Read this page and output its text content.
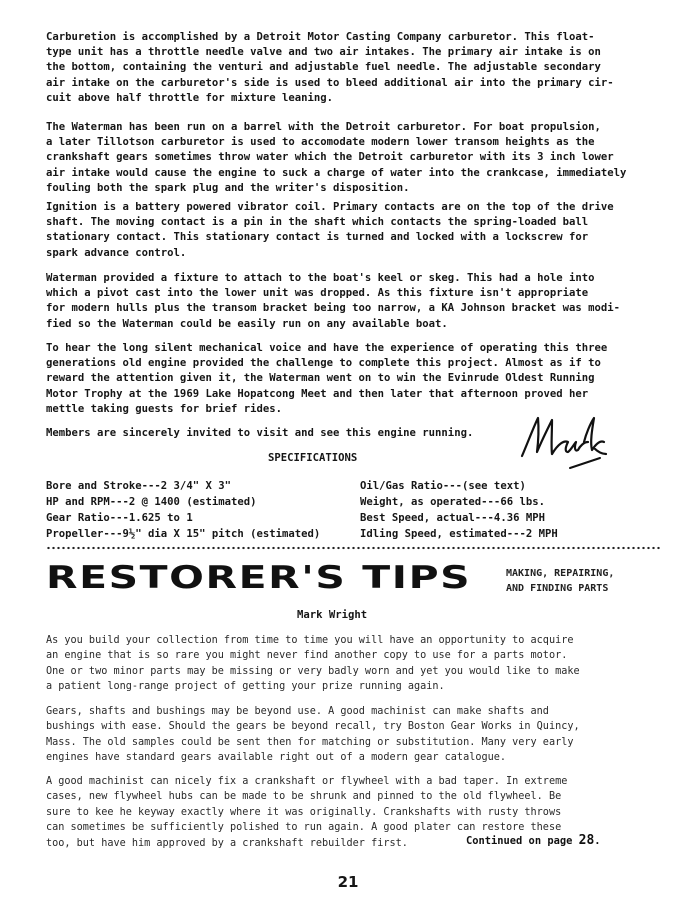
Carburetion is accomplished by a Detroit Motor Casting Company carburetor. This float-
type unit has a throttle needle valve and two air intakes. The primary air intake is on
the bottom, containing the venturi and adjustable fuel needle. The adjustable secondary
air intake on the carburetor's side is used to bleed additional air into the primary cir-
cuit above half throttle for mixture leaning.
The Waterman has been run on a barrel with the Detroit carburetor. For boat propulsion,
a later Tillotson carburetor is used to accomodate modern lower transom heights as the
crankshaft gears sometimes throw water which the Detroit carburetor with its 3 inch lower
air intake would cause the engine to suck a charge of water into the crankcase, immediately
fouling both the spark plug and the writer's disposition.
Ignition is a battery powered vibrator coil. Primary contacts are on the top of the drive
shaft. The moving contact is a pin in the shaft which contacts the spring-loaded ball
stationary contact. This stationary contact is turned and locked with a lockscrew for
spark advance control.
Waterman provided a fixture to attach to the boat's keel or skeg. This had a hole into
which a pivot cast into the lower unit was dropped. As this fixture isn't appropriate
for modern hulls plus the transom bracket being too narrow, a KA Johnson bracket was modi-
fied so the Waterman could be easily run on any available boat.
To hear the long silent mechanical voice and have the experience of operating this three
generations old engine provided the challenge to complete this project. Almost as if to
reward the attention given it, the Waterman went on to win the Evinrude Oldest Running
Motor Trophy at the 1969 Lake Hopatcong Meet and then later that afternoon proved her
mettle taking guests for brief rides.
Members are sincerely invited to visit and see this engine running.
SPECIFICATIONS
Bore and Stroke---2 3/4" X 3"
HP and RPM---2 @ 1400 (estimated)
Gear Ratio---1.625 to 1
Propeller---9½" dia X 15" pitch (estimated)
Oil/Gas Ratio---(see text)
Weight, as operated---66 lbs.
Best Speed, actual---4.36 MPH
Idling Speed, estimated---2 MPH
RESTORER'S TIPS	MAKING, REPAIRING,
AND FINDING PARTS
Mark Wright
As you build your collection from time to time you will have an opportunity to acquire
an engine that is so rare you might never find another copy to use for a parts motor.
One or two minor parts may be missing or very badly worn and yet you would like to make
a patient long-range project of getting your prize running again.
Gears, shafts and bushings may be beyond use. A good machinist can make shafts and
bushings with ease. Should the gears be beyond recall, try Boston Gear Works in Quincy,
Mass. The old samples could be sent then for matching or substitution. Many very early
engines have standard gears available right out of a modern gear catalogue.
A good machinist can nicely fix a crankshaft or flywheel with a bad taper. In extreme
cases, new flywheel hubs can be made to be shrunk and pinned to the old flywheel. Be
sure to kee he keyway exactly where it was originally. Crankshafts with rusty throws
can sometimes be sufficiently polished to run again. A good plater can restore these
too, but have him approved by a crankshaft rebuilder first.	Continued on page 28.
21
